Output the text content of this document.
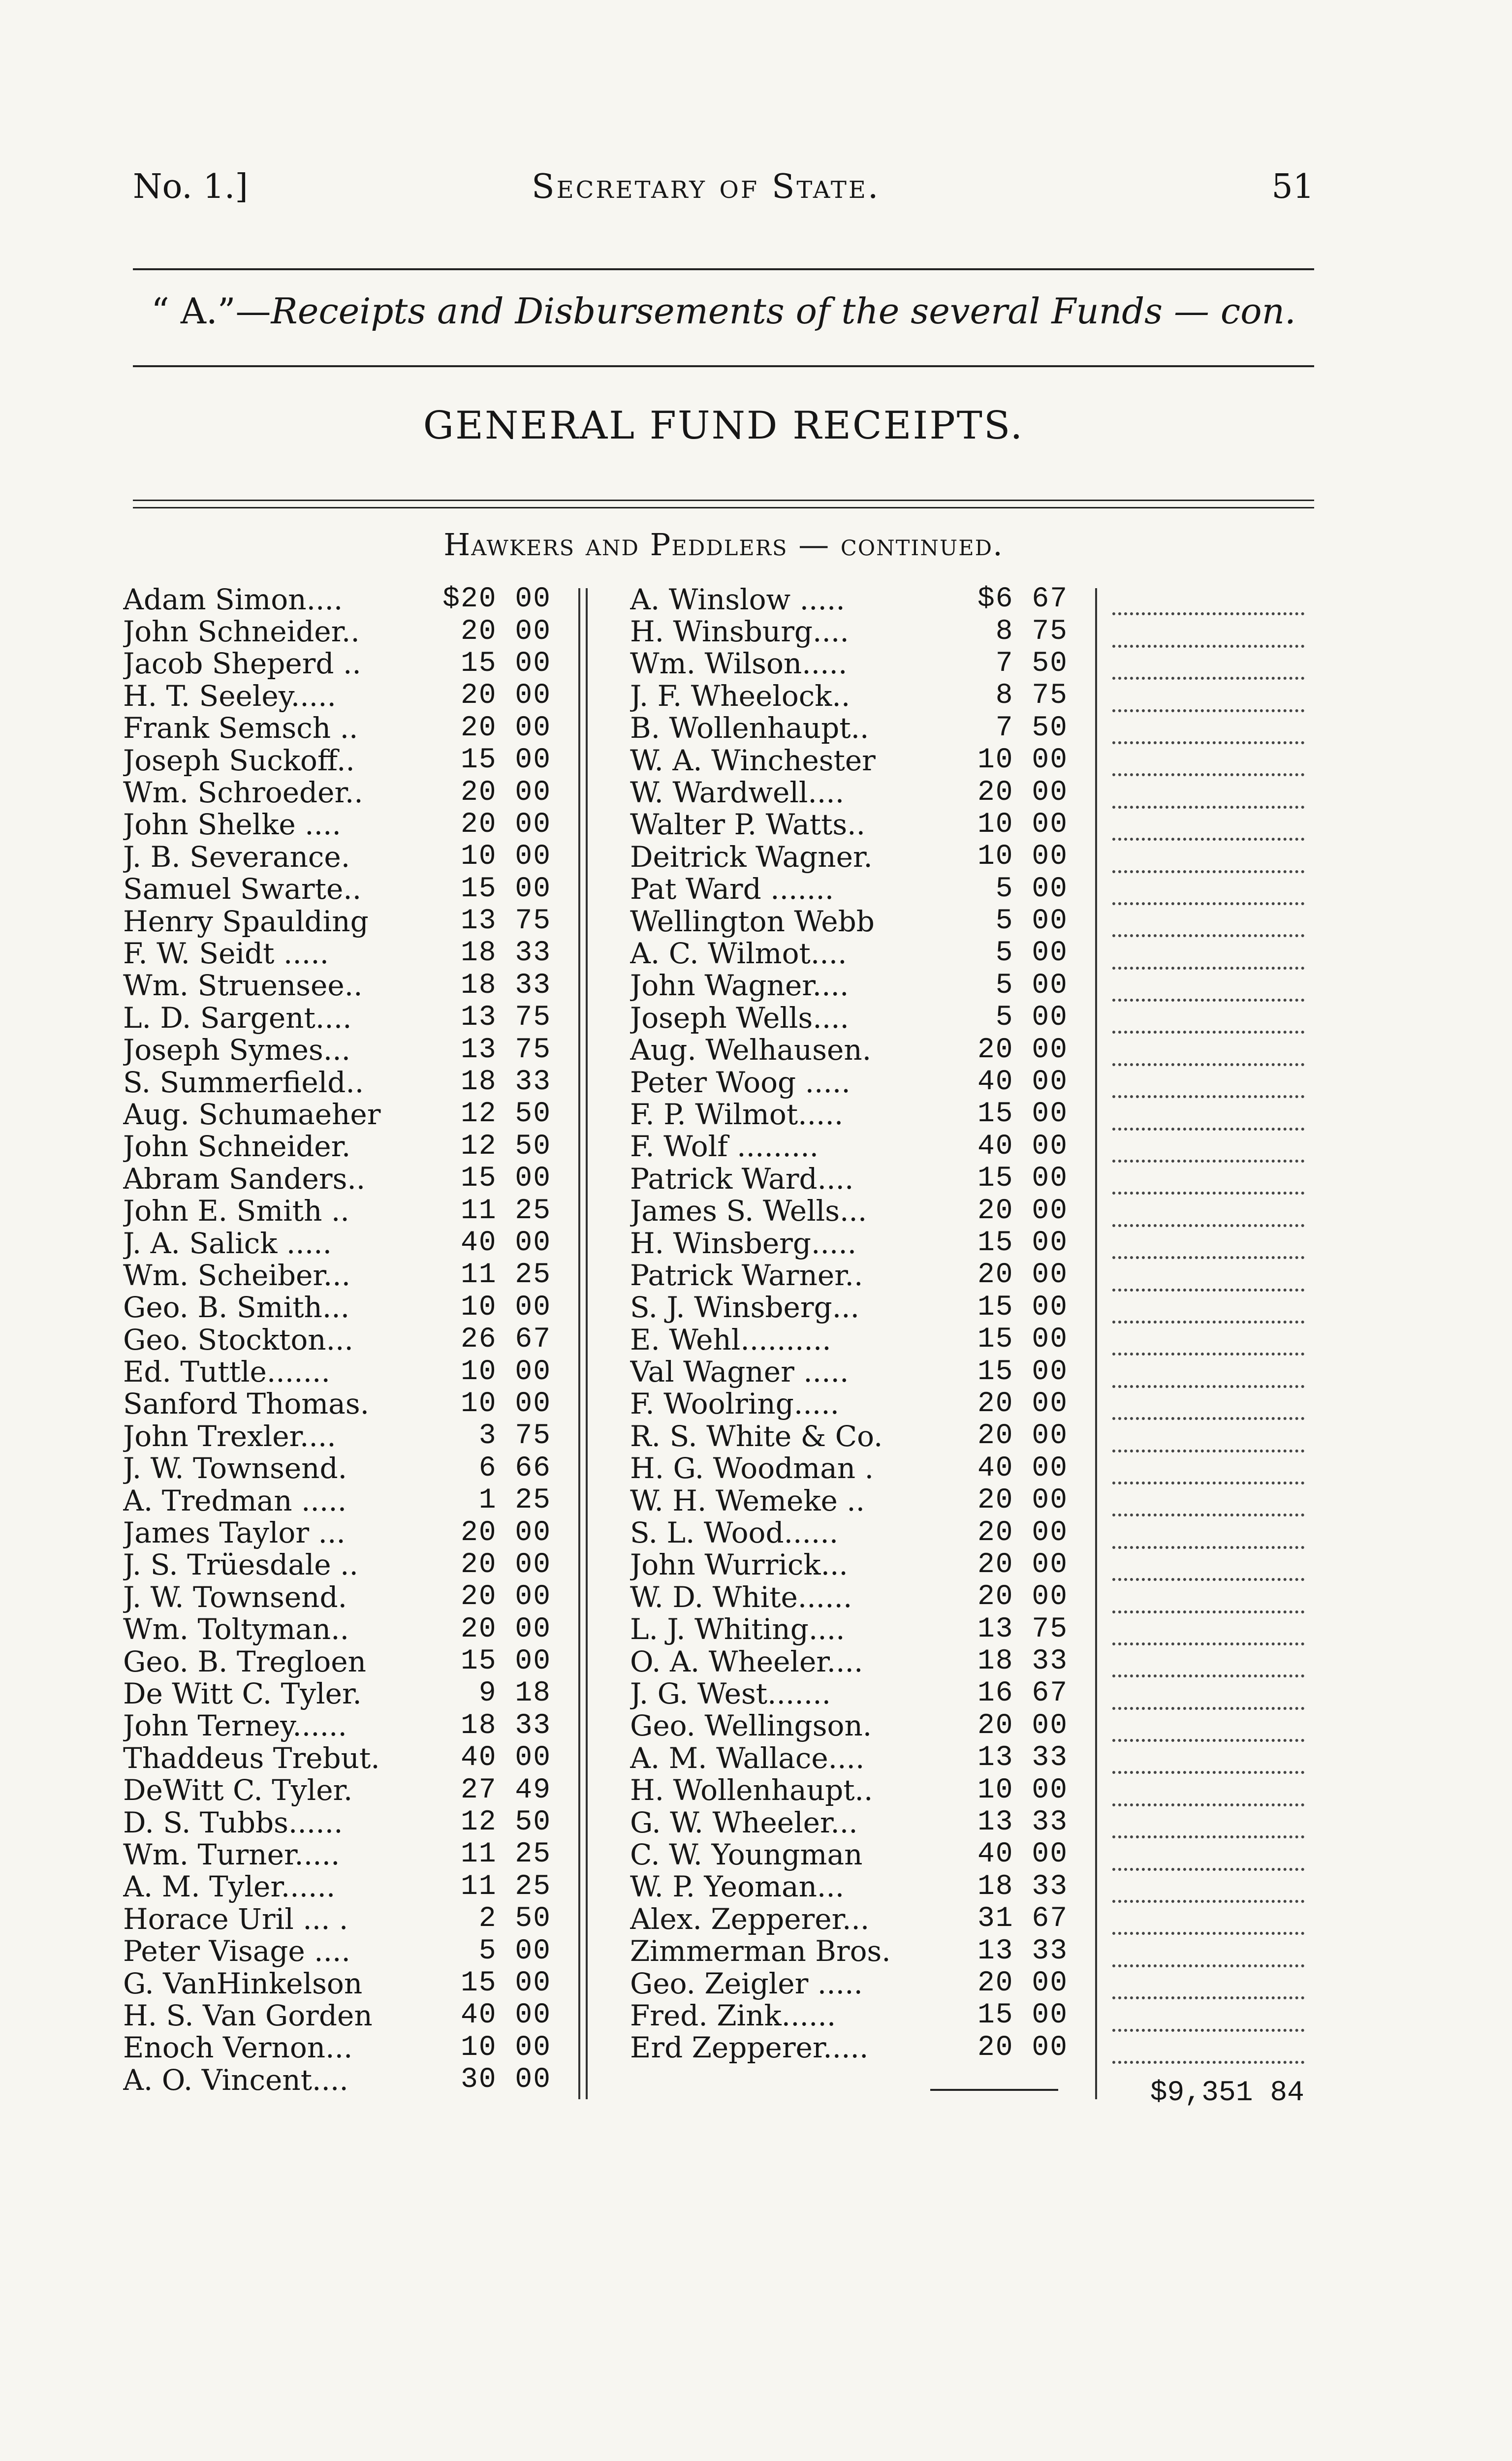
No. 1.]	Secretary of State.	51
“ A.”—Receipts and Disbursements of the several Funds — con.
GENERAL FUND RECEIPTS.
Hawkers and Peddlers — continued.
Adam Simon....	$20 00
John Schneider..	20 00
Jacob Sheperd ..	15 00
H. T. Seeley.....	20 00
Frank Semsch ..	20 00
Joseph Suckoff..	15 00
Wm. Schroeder..	20 00
John Shelke ....	20 00
J. B. Severance.	10 00
Samuel Swarte..	15 00
Henry Spaulding	13 75
F. W. Seidt .....	18 33
Wm. Struensee..	18 33
L. D. Sargent....	13 75
Joseph Symes...	13 75
S. Summerfield..	18 33
Aug. Schumaeher	12 50
John Schneider.	12 50
Abram Sanders..	15 00
John E. Smith ..	11 25
J. A. Salick .....	40 00
Wm. Scheiber...	11 25
Geo. B. Smith...	10 00
Geo. Stockton...	26 67
Ed. Tuttle.......	10 00
Sanford Thomas.	10 00
John Trexler....	3 75
J. W. Townsend.	6 66
A. Tredman .....	1 25
James Taylor ...	20 00
J. S. Trüesdale ..	20 00
J. W. Townsend.	20 00
Wm. Toltyman..	20 00
Geo. B. Tregloen	15 00
De Witt C. Tyler.	9 18
John Terney......	18 33
Thaddeus Trebut.	40 00
DeWitt C. Tyler.	27 49
D. S. Tubbs......	12 50
Wm. Turner.....	11 25
A. M. Tyler......	11 25
Horace Uril ... .	2 50
Peter Visage ....	5 00
G. VanHinkelson	15 00
H. S. Van Gorden	40 00
Enoch Vernon...	10 00
A. O. Vincent....	30 00
A. Winslow .....	$6 67
H. Winsburg....	8 75
Wm. Wilson.....	7 50
J. F. Wheelock..	8 75
B. Wollenhaupt..	7 50
W. A. Winchester	10 00
W. Wardwell....	20 00
Walter P. Watts..	10 00
Deitrick Wagner.	10 00
Pat Ward .......	5 00
Wellington Webb	5 00
A. C. Wilmot....	5 00
John Wagner....	5 00
Joseph Wells....	5 00
Aug. Welhausen.	20 00
Peter Woog .....	40 00
F. P. Wilmot.....	15 00
F. Wolf .........	40 00
Patrick Ward....	15 00
James S. Wells...	20 00
H. Winsberg.....	15 00
Patrick Warner..	20 00
S. J. Winsberg...	15 00
E. Wehl..........	15 00
Val Wagner .....	15 00
F. Woolring.....	20 00
R. S. White & Co.	20 00
H. G. Woodman .	40 00
W. H. Wemeke ..	20 00
S. L. Wood......	20 00
John Wurrick...	20 00
W. D. White......	20 00
L. J. Whiting....	13 75
O. A. Wheeler....	18 33
J. G. West.......	16 67
Geo. Wellingson.	20 00
A. M. Wallace....	13 33
H. Wollenhaupt..	10 00
G. W. Wheeler...	13 33
C. W. Youngman	40 00
W. P. Yeoman...	18 33
Alex. Zepperer...	31 67
Zimmerman Bros.	13 33
Geo. Zeigler .....	20 00
Fred. Zink......	15 00
Erd Zepperer.....	20 00
$9,351 84
